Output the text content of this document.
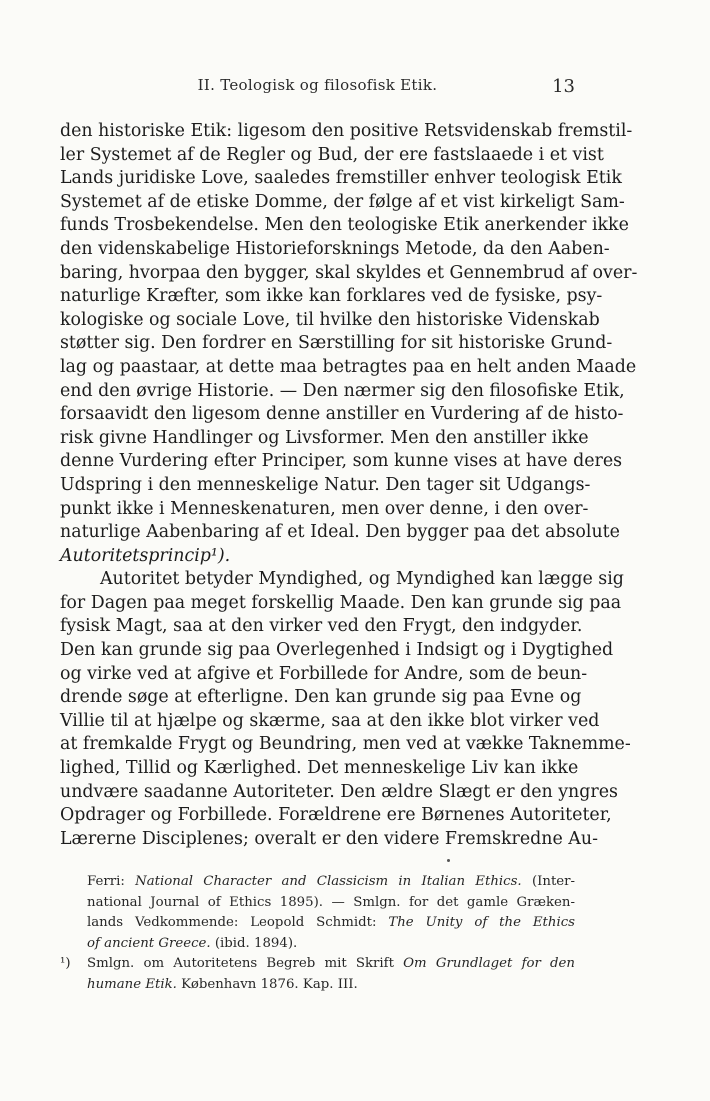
II. Teologisk og filosofisk Etik.	13
den historiske Etik: ligesom den positive Retsvidenskab fremstil-
ler Systemet af de Regler og Bud, der ere fastslaaede i et vist
Lands juridiske Love, saaledes fremstiller enhver teologisk Etik
Systemet af de etiske Domme, der følge af et vist kirkeligt Sam-
funds Trosbekendelse. Men den teologiske Etik anerkender ikke
den videnskabelige Historieforsknings Metode, da den Aaben-
baring, hvorpaa den bygger, skal skyldes et Gennembrud af over-
naturlige Kræfter, som ikke kan forklares ved de fysiske, psy-
kologiske og sociale Love, til hvilke den historiske Videnskab
støtter sig. Den fordrer en Særstilling for sit historiske Grund-
lag og paastaar, at dette maa betragtes paa en helt anden Maade
end den øvrige Historie. — Den nærmer sig den filosofiske Etik,
forsaavidt den ligesom denne anstiller en Vurdering af de histo-
risk givne Handlinger og Livsformer. Men den anstiller ikke
denne Vurdering efter Principer, som kunne vises at have deres
Udspring i den menneskelige Natur. Den tager sit Udgangs-
punkt ikke i Menneskenaturen, men over denne, i den over-
naturlige Aabenbaring af et Ideal. Den bygger paa det absolute
Autoritetsprincip¹).
Autoritet betyder Myndighed, og Myndighed kan lægge sig
for Dagen paa meget forskellig Maade. Den kan grunde sig paa
fysisk Magt, saa at den virker ved den Frygt, den indgyder.
Den kan grunde sig paa Overlegenhed i Indsigt og i Dygtighed
og virke ved at afgive et Forbillede for Andre, som de beun-
drende søge at efterligne. Den kan grunde sig paa Evne og
Villie til at hjælpe og skærme, saa at den ikke blot virker ved
at fremkalde Frygt og Beundring, men ved at vække Taknemme-
lighed, Tillid og Kærlighed. Det menneskelige Liv kan ikke
undvære saadanne Autoriteter. Den ældre Slægt er den yngres
Opdrager og Forbillede. Forældrene ere Børnenes Autoriteter,
Lærerne Disciplenes; overalt er den videre Fremskredne Au-
Ferri: National Character and Classicism in Italian Ethics. (Inter-
national Journal of Ethics 1895). — Smlgn. for det gamle Græken-
lands Vedkommende: Leopold Schmidt: The Unity of the Ethics
of ancient Greece. (ibid. 1894).
¹) Smlgn. om Autoritetens Begreb mit Skrift Om Grundlaget for den
humane Etik. København 1876. Kap. III.
